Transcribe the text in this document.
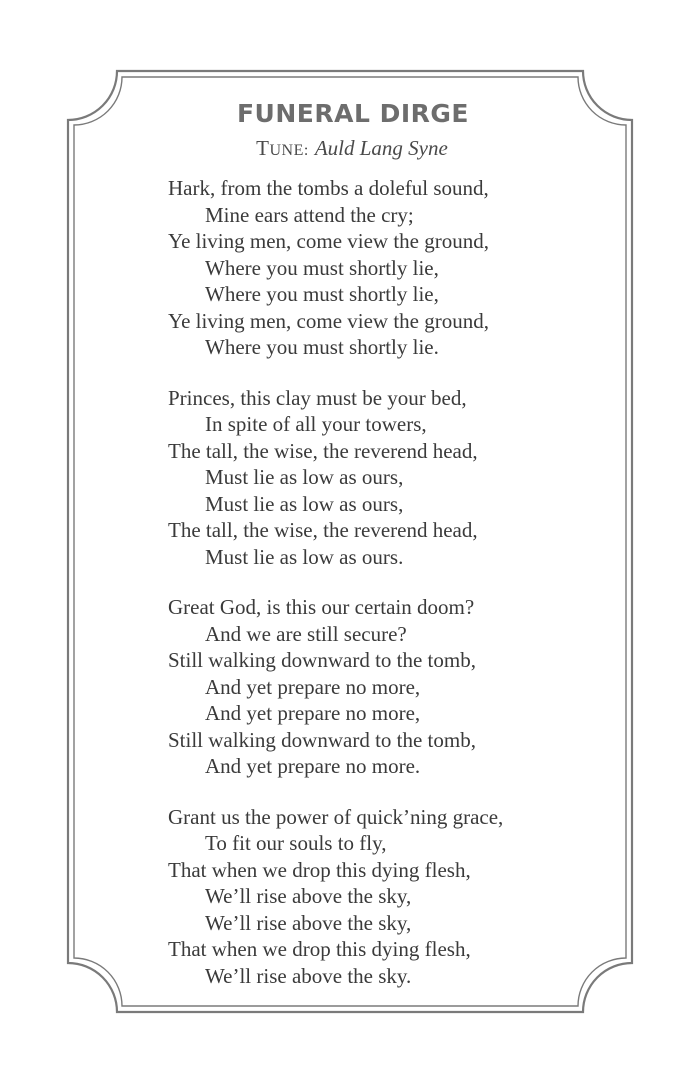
FUNERAL DIRGE

TUNE: Auld Lang Syne

Hark, from the tombs a doleful sound,
Mine ears attend the cry;
Ye living men, come view the ground,
Where you must shortly lie,
Where you must shortly lie,
Ye living men, come view the ground,
Where you must shortly lie.
Princes, this clay must be your bed,
In spite of all your towers,
The tall, the wise, the reverend head,
Must lie as low as ours,
Must lie as low as ours,
The tall, the wise, the reverend head,
Must lie as low as ours.
Great God, is this our certain doom?
And we are still secure?
Still walking downward to the tomb,
And yet prepare no more,
And yet prepare no more,
Still walking downward to the tomb,
And yet prepare no more.
Grant us the power of quick’ning grace,
To fit our souls to fly,
That when we drop this dying flesh,
We’ll rise above the sky,
We’ll rise above the sky,
That when we drop this dying flesh,
We’ll rise above the sky.
